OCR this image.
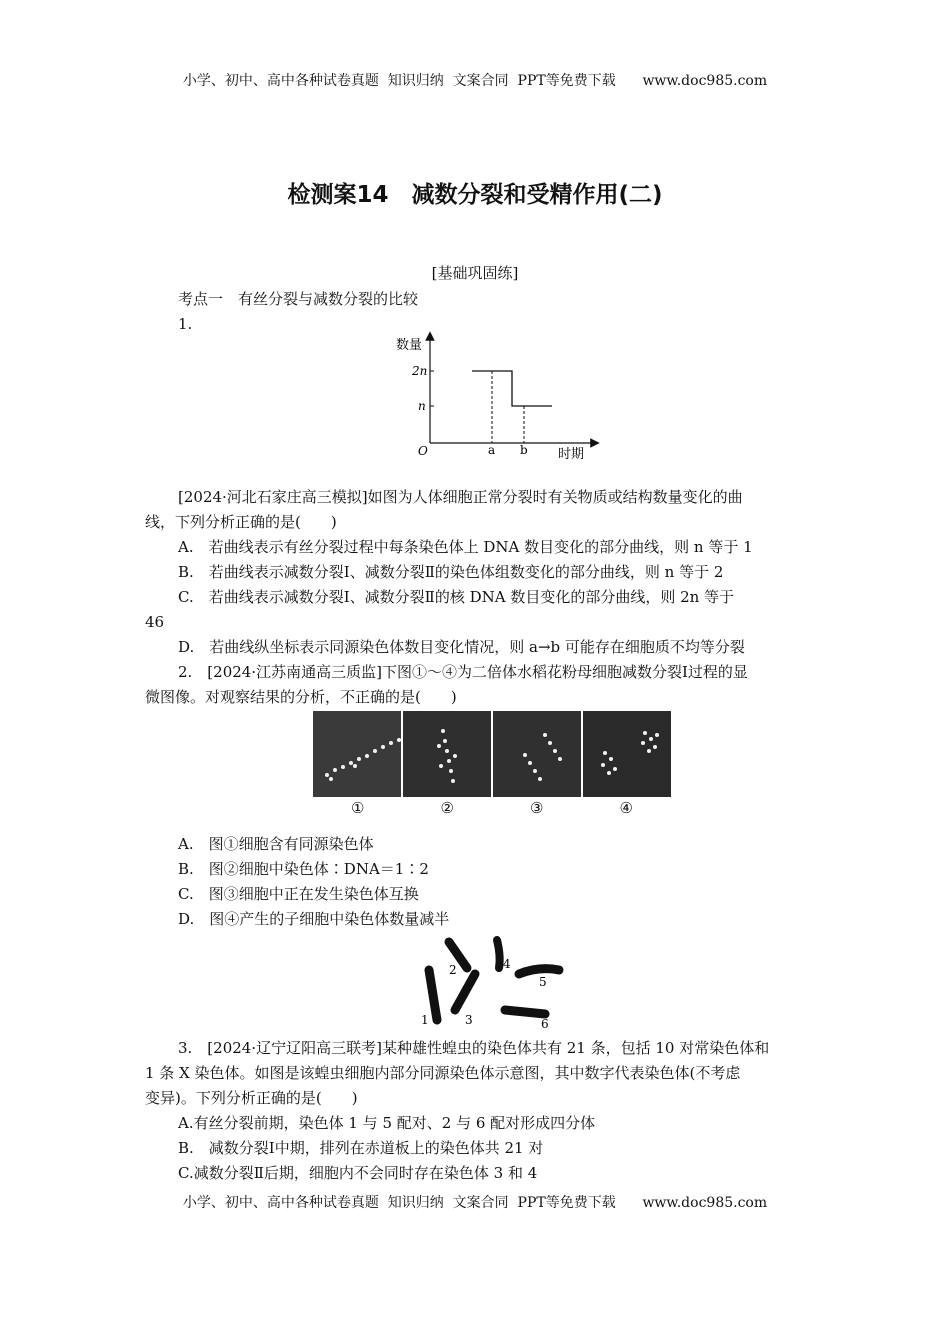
小学、初中、高中各种试卷真题  知识归纳  文案合同  PPT等免费下载      www.doc985.com
检测案14　减数分裂和受精作用(二)
[基础巩固练]
考点一　有丝分裂与减数分裂的比较
1.
数量
2n
n
O	a b 时期
[2024·河北石家庄高三模拟]如图为人体细胞正常分裂时有关物质或结构数量变化的曲
线，下列分析正确的是(　　)
A.　若曲线表示有丝分裂过程中每条染色体上 DNA 数目变化的部分曲线，则 n 等于 1
B.　若曲线表示减数分裂Ⅰ、减数分裂Ⅱ的染色体组数变化的部分曲线，则 n 等于 2
C.　若曲线表示减数分裂Ⅰ、减数分裂Ⅱ的核 DNA 数目变化的部分曲线，则 2n 等于
46
D.　若曲线纵坐标表示同源染色体数目变化情况，则 a→b 可能存在细胞质不均等分裂
2.　[2024·江苏南通高三质监]下图①～④为二倍体水稻花粉母细胞减数分裂Ⅰ过程的显
微图像。对观察结果的分析，不正确的是(　　)
①	②	③	④
A.　图①细胞含有同源染色体
B.　图②细胞中染色体∶DNA＝1∶2
C.　图③细胞中正在发生染色体互换
D.　图④产生的子细胞中染色体数量减半
1
2
3
4
5
6
3.　[2024·辽宁辽阳高三联考]某种雄性蝗虫的染色体共有 21 条，包括 10 对常染色体和
1 条 X 染色体。如图是该蝗虫细胞内部分同源染色体示意图，其中数字代表染色体(不考虑
变异)。下列分析正确的是(　　)
A.有丝分裂前期，染色体 1 与 5 配对、2 与 6 配对形成四分体
B.　减数分裂Ⅰ中期，排列在赤道板上的染色体共 21 对
C.减数分裂Ⅱ后期，细胞内不会同时存在染色体 3 和 4
小学、初中、高中各种试卷真题  知识归纳  文案合同  PPT等免费下载      www.doc985.com
